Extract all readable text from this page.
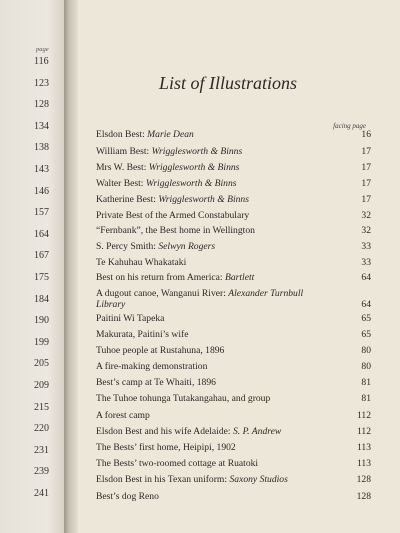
page
116
123
128
134
138
143
146
157
164
167
175
184
190
199
205
209
215
220
231
239
241
List of Illustrations
facing page
Elsdon Best: Marie Dean	16
William Best: Wrigglesworth & Binns	17
Mrs W. Best: Wrigglesworth & Binns	17
Walter Best: Wrigglesworth & Binns	17
Katherine Best: Wrigglesworth & Binns	17
Private Best of the Armed Constabulary	32
“Fernbank”, the Best home in Wellington	32
S. Percy Smith: Selwyn Rogers	33
Te Kahuhau Whakataki	33
Best on his return from America: Bartlett	64
A dugout canoe, Wanganui River: Alexander Turnbull Library	64
Paitini Wi Tapeka	65
Makurata, Paitini’s wife	65
Tuhoe people at Rustahuna, 1896	80
A fire-making demonstration	80
Best’s camp at Te Whaiti, 1896	81
The Tuhoe tohunga Tutakangahau, and group	81
A forest camp	112
Elsdon Best and his wife Adelaide: S. P. Andrew	112
The Bests’ first home, Heipipi, 1902	113
The Bests’ two-roomed cottage at Ruatoki	113
Elsdon Best in his Texan uniform: Saxony Studios	128
Best’s dog Reno	128
